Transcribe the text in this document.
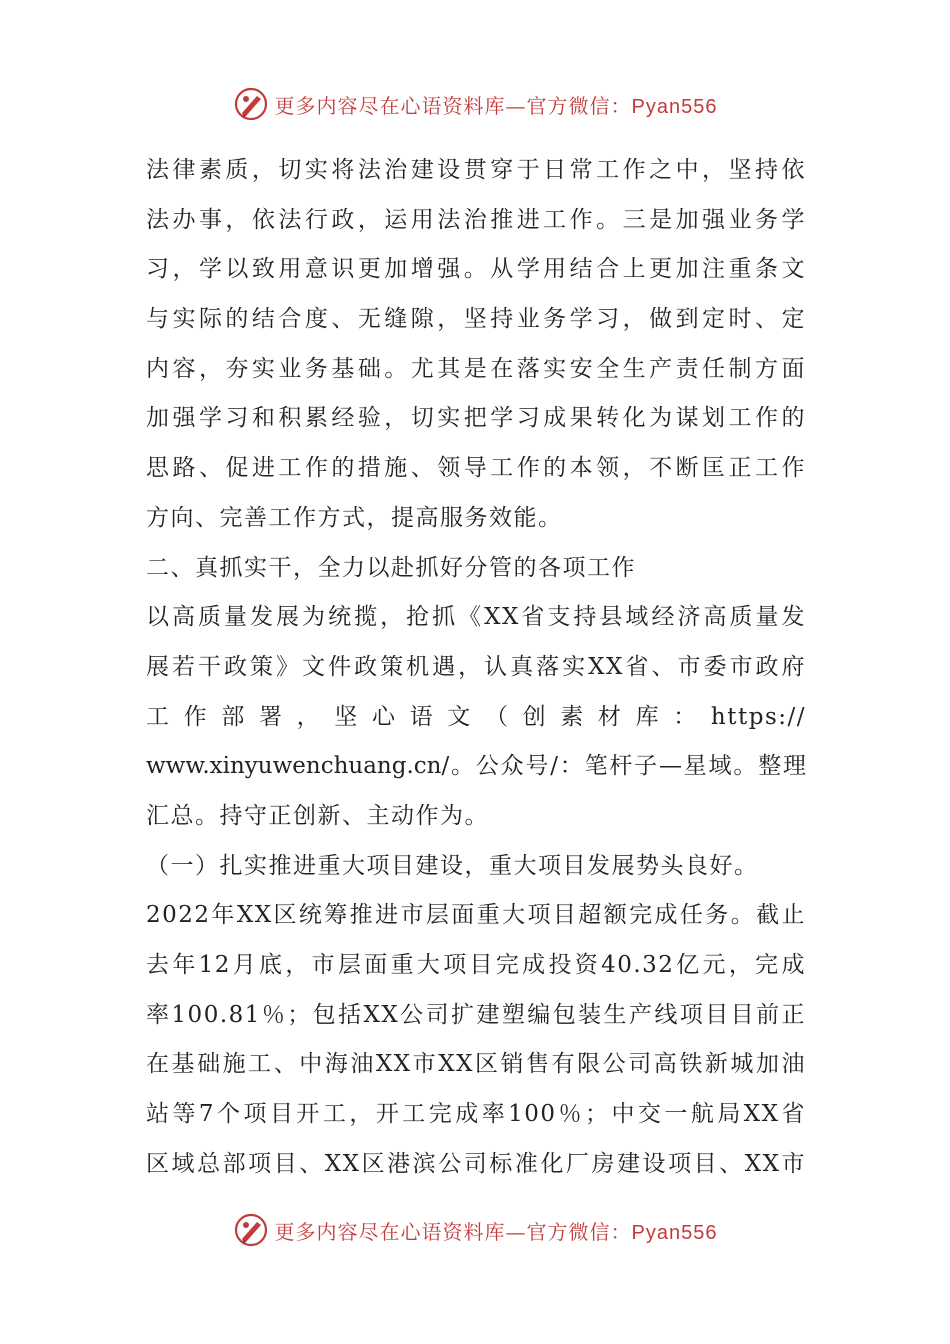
更多内容尽在心语资料库—官方微信：Pyan556
法律素质，切实将法治建设贯穿于日常工作之中，坚持依
法办事，依法行政，运用法治推进工作。三是加强业务学
习，学以致用意识更加增强。从学用结合上更加注重条文
与实际的结合度、无缝隙，坚持业务学习，做到定时、定
内容，夯实业务基础。尤其是在落实安全生产责任制方面
加强学习和积累经验，切实把学习成果转化为谋划工作的
思路、促进工作的措施、领导工作的本领，不断匡正工作
方向、完善工作方式，提高服务效能。
二、真抓实干，全力以赴抓好分管的各项工作
以高质量发展为统揽，抢抓《XX省支持县域经济高质量发
展若干政策》文件政策机遇，认真落实XX省、市委市政府
工作部署，坚心语文（创素材库：https://
www.xinyuwenchuang.cn/。公众号/：笔杆子—星域。整理
汇总。持守正创新、主动作为。
（一）扎实推进重大项目建设，重大项目发展势头良好。
2022年XX区统筹推进市层面重大项目超额完成任务。截止
去年12月底，市层面重大项目完成投资40.32亿元，完成
率100.81％；包括XX公司扩建塑编包装生产线项目目前正
在基础施工、中海油XX市XX区销售有限公司高铁新城加油
站等7个项目开工，开工完成率100％；中交一航局XX省
区域总部项目、XX区港滨公司标准化厂房建设项目、XX市
更多内容尽在心语资料库—官方微信：Pyan556
